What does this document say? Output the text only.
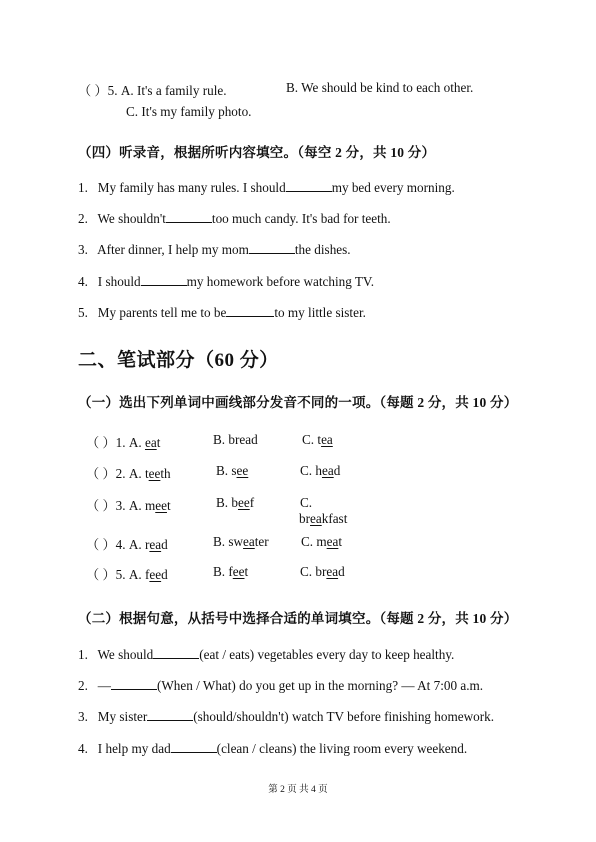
（ ）5. A. It's a family rule.	B. We should be kind to each other.
C. It's my family photo.
（四）听录音，根据所听内容填空。（每空 2 分，共 10 分）
1. My family has many rules. I should	my bed every morning.
2. We shouldn't	too much candy. It's bad for teeth.
3. After dinner, I help my mom	the dishes.
4. I should	my homework before watching TV.
5. My parents tell me to be	to my little sister.
二、笔试部分（60 分）
（一）选出下列单词中画线部分发音不同的一项。（每题 2 分，共 10 分）
（ ）1. A. eat	B. bread	C. tea
（ ）2. A. teeth	B. see	C. head
（ ）3. A. meet	B. beef	C.
breakfast
（ ）4. A. read	B. sweater C. meat
（ ）5. A. feed	B. feet	C. bread
（二）根据句意，从括号中选择合适的单词填空。（每题 2 分，共 10 分）
1. We should	(eat / eats) vegetables every day to keep healthy.
2. —	(When / What) do you get up in the morning? — At 7:00 a.m.
3. My sister	(should/shouldn't) watch TV before finishing homework.
4. I help my dad	(clean / cleans) the living room every weekend.
第 2 页 共 4 页
